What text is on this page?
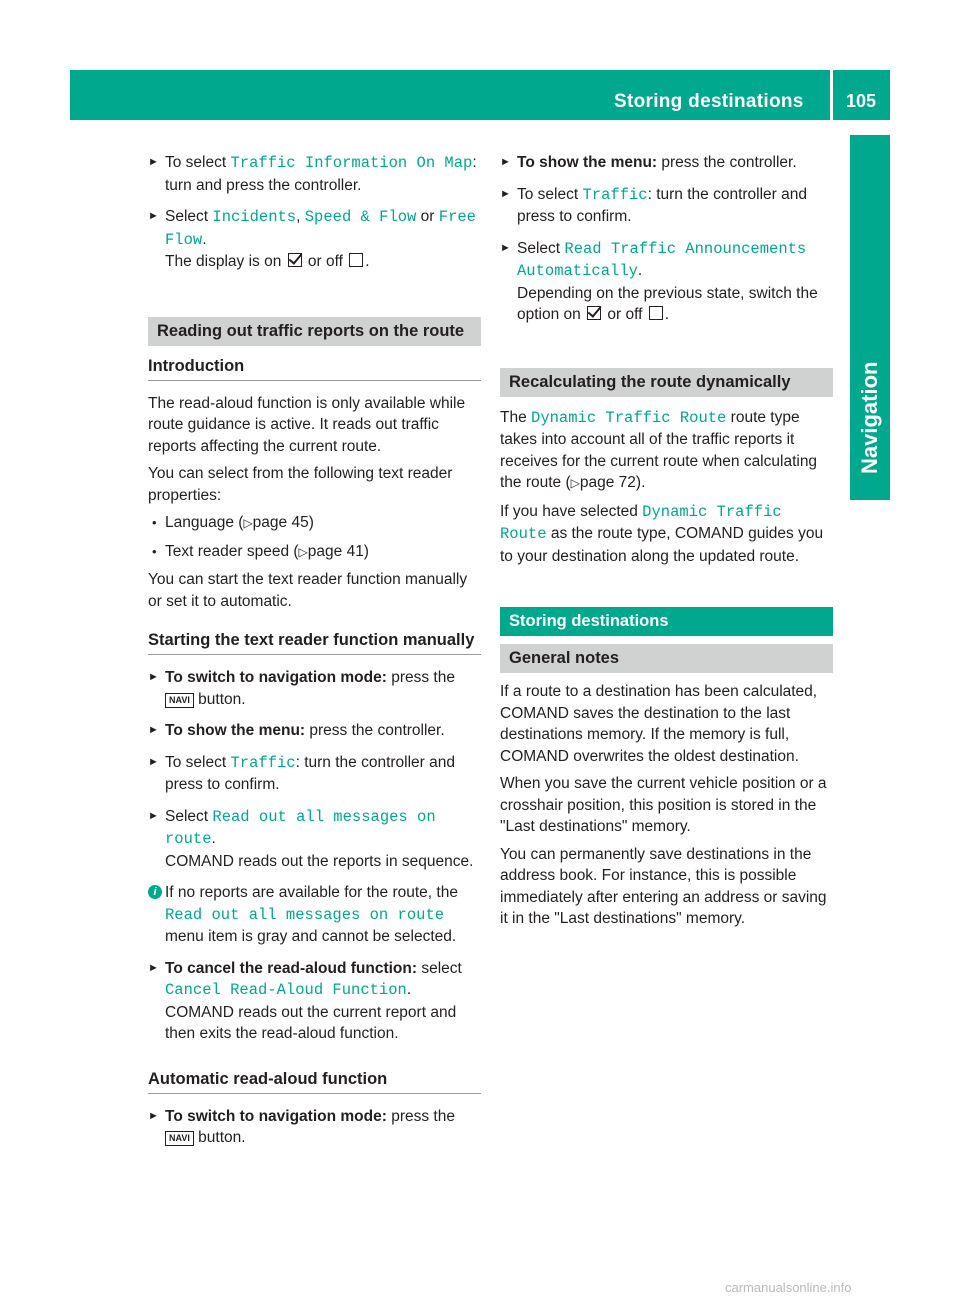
Storing destinations 105
Navigation
► To select Traffic Information On Map:
turn and press the controller.
► Select Incidents, Speed & Flow or Free
Flow.
The display is on  or off .
Reading out traffic reports on the route
Introduction

The read-aloud function is only available while route guidance is active. It reads out traffic reports affecting the current route.

You can select from the following text reader properties:

• Language (▷page 45)
• Text reader speed (▷page 41)

You can start the text reader function manually or set it to automatic.

Starting the text reader function manually
► To switch to navigation mode: press the
NAVI button.
► To show the menu: press the controller.
► To select Traffic: turn the controller and press to confirm.
► Select Read out all messages on
route.
COMAND reads out the reports in sequence.
i If no reports are available for the route, the Read out all messages on route menu item is gray and cannot be selected.
► To cancel the read-aloud function: select
Cancel Read-Aloud Function.
COMAND reads out the current report and then exits the read-aloud function.
Automatic read-aloud function
► To switch to navigation mode: press the
NAVI button.
► To show the menu: press the controller.
► To select Traffic: turn the controller and press to confirm.
► Select Read Traffic Announcements
Automatically.
Depending on the previous state, switch the option on  or off .
Recalculating the route dynamically

The Dynamic Traffic Route route type takes into account all of the traffic reports it receives for the current route when calculating the route (▷page 72).

If you have selected Dynamic Traffic
Route as the route type, COMAND guides you to your destination along the updated route.

Storing destinations
General notes

If a route to a destination has been calculated, COMAND saves the destination to the last destinations memory. If the memory is full, COMAND overwrites the oldest destination.

When you save the current vehicle position or a crosshair position, this position is stored in the "Last destinations" memory.

You can permanently save destinations in the address book. For instance, this is possible immediately after entering an address or saving it in the "Last destinations" memory.

carmanualsonline.info
